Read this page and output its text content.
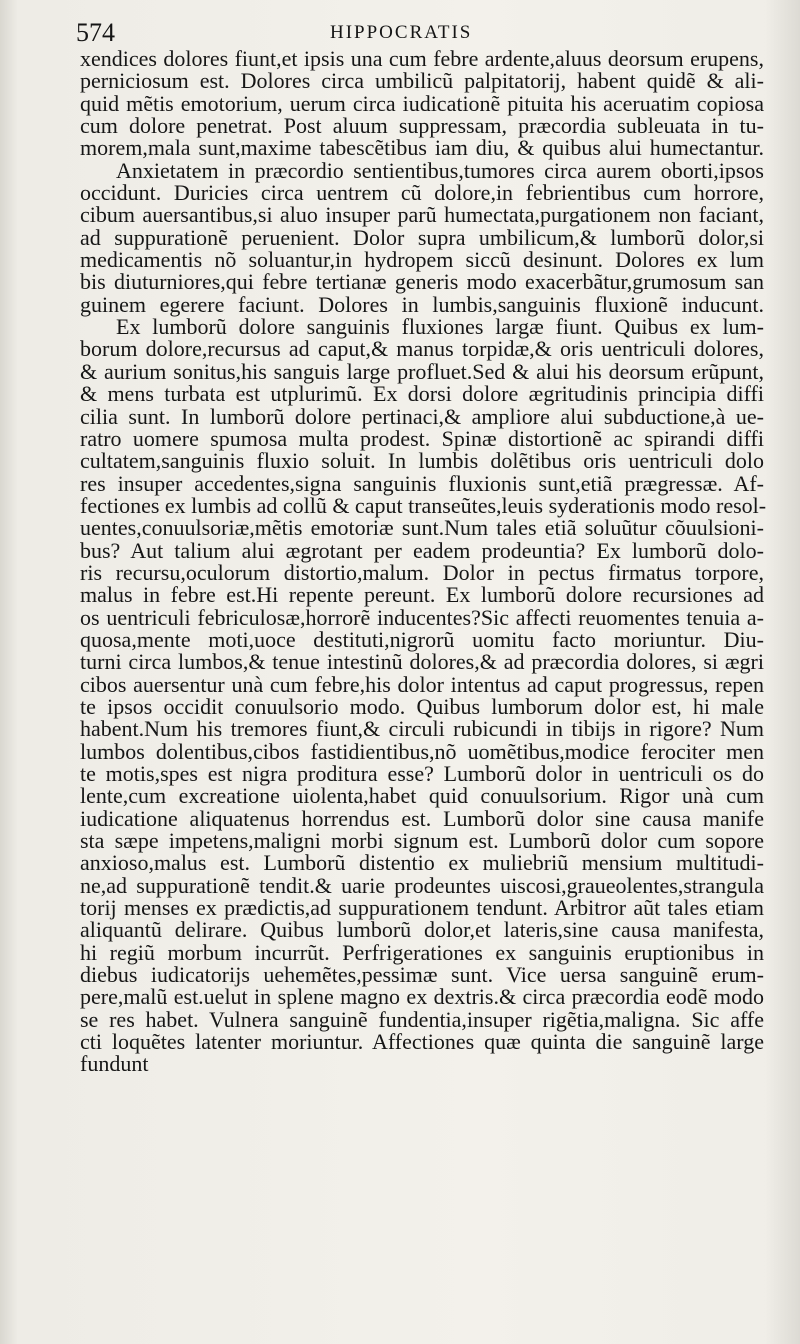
574	HIPPOCRATIS
xendices dolores fiunt,et ipsis una cum febre ardente,aluus deorsum erupens,
perniciosum est. Dolores circa umbilicũ palpitatorij, habent quidẽ & ali-
quid mẽtis emotorium, uerum circa iudicationẽ pituita his aceruatim copiosa
cum dolore penetrat. Post aluum suppressam, præcordia subleuata in tu-
morem,mala sunt,maxime tabescẽtibus iam diu, & quibus alui humectantur.
Anxietatem in præcordio sentientibus,tumores circa aurem oborti,ipsos
occidunt. Duricies circa uentrem cũ dolore,in febrientibus cum horrore,
cibum auersantibus,si aluo insuper parũ humectata,purgationem non faciant,
ad suppurationẽ peruenient. Dolor supra umbilicum,& lumborũ dolor,si
medicamentis nõ soluantur,in hydropem siccũ desinunt. Dolores ex lum
bis diuturniores,qui febre tertianæ generis modo exacerbãtur,grumosum san
guinem egerere faciunt. Dolores in lumbis,sanguinis fluxionẽ inducunt.
Ex lumborũ dolore sanguinis fluxiones largæ fiunt. Quibus ex lum-
borum dolore,recursus ad caput,& manus torpidæ,& oris uentriculi dolores,
& aurium sonitus,his sanguis large profluet.Sed & alui his deorsum erũpunt,
& mens turbata est utplurimũ. Ex dorsi dolore ægritudinis principia diffi
cilia sunt. In lumborũ dolore pertinaci,& ampliore alui subductione,à ue-
ratro uomere spumosa multa prodest. Spinæ distortionẽ ac spirandi diffi
cultatem,sanguinis fluxio soluit. In lumbis dolẽtibus oris uentriculi dolo
res insuper accedentes,signa sanguinis fluxionis sunt,etiã prægressæ. Af-
fectiones ex lumbis ad collũ & caput transeũtes,leuis syderationis modo resol-
uentes,conuulsoriæ,mẽtis emotoriæ sunt.Num tales etiã soluũtur cõuulsioni-
bus? Aut talium alui ægrotant per eadem prodeuntia? Ex lumborũ dolo-
ris recursu,oculorum distortio,malum. Dolor in pectus firmatus torpore,
malus in febre est.Hi repente pereunt. Ex lumborũ dolore recursiones ad
os uentriculi febriculosæ,horrorẽ inducentes?Sic affecti reuomentes tenuia a-
quosa,mente moti,uoce destituti,nigrorũ uomitu facto moriuntur. Diu-
turni circa lumbos,& tenue intestinũ dolores,& ad præcordia dolores, si ægri
cibos auersentur unà cum febre,his dolor intentus ad caput progressus, repen
te ipsos occidit conuulsorio modo. Quibus lumborum dolor est, hi male
habent.Num his tremores fiunt,& circuli rubicundi in tibijs in rigore? Num
lumbos dolentibus,cibos fastidientibus,nõ uomẽtibus,modice ferociter men
te motis,spes est nigra proditura esse? Lumborũ dolor in uentriculi os do
lente,cum excreatione uiolenta,habet quid conuulsorium. Rigor unà cum
iudicatione aliquatenus horrendus est. Lumborũ dolor sine causa manife
sta sæpe impetens,maligni morbi signum est. Lumborũ dolor cum sopore
anxioso,malus est. Lumborũ distentio ex muliebriũ mensium multitudi-
ne,ad suppurationẽ tendit.& uarie prodeuntes uiscosi,graueolentes,strangula
torij menses ex prædictis,ad suppurationem tendunt. Arbitror aũt tales etiam
aliquantũ delirare. Quibus lumborũ dolor,et lateris,sine causa manifesta,
hi regiũ morbum incurrũt. Perfrigerationes ex sanguinis eruptionibus in
diebus iudicatorijs uehemẽtes,pessimæ sunt. Vice uersa sanguinẽ erum-
pere,malũ est.uelut in splene magno ex dextris.& circa præcordia eodẽ modo
se res habet. Vulnera sanguinẽ fundentia,insuper rigẽtia,maligna. Sic affe
cti loquẽtes latenter moriuntur. Affectiones quæ quinta die sanguinẽ large
fundunt
